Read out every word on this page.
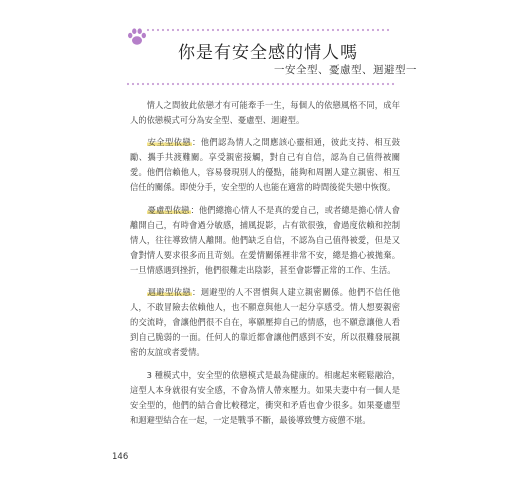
你是有安全感的情人嗎
一安全型、憂慮型、迴避型一

情人之間彼此依戀才有可能牽手一生，每個人的依戀風格不同，成年人的依戀模式可分為安全型、憂慮型、迴避型。

安全型依戀：他們認為情人之間應該心靈相通，彼此支持、相互鼓勵、攜手共渡難關。享受親密接觸，對自己有自信，認為自己值得被關愛。他們信賴他人，容易發現別人的優點，能夠和周圍人建立親密、相互信任的關係。即使分手，安全型的人也能在適當的時間後從失戀中恢復。

憂慮型依戀：他們總擔心情人不是真的愛自己，或者總是擔心情人會離開自己，有時會過分敏感，捕風捉影，占有欲很強，會過度依賴和控制情人，往往導致情人離開。他們缺乏自信，不認為自己值得被愛，但是又會對情人要求很多而且苛刻。在愛情關係裡非常不安，總是擔心被拋棄。一旦情感遇到挫折，他們很難走出陰影，甚至會影響正常的工作、生活。

迴避型依戀：迴避型的人不習慣與人建立親密關係。他們不信任他人，不敢冒險去依賴他人，也不願意與他人一起分享感受。情人想要親密的交流時，會讓他們很不自在，寧願壓抑自己的情感，也不願意讓他人看到自己脆弱的一面。任何人的靠近都會讓他們感到不安，所以很難發展親密的友誼或者愛情。

3 種模式中，安全型的依戀模式是最為健康的。相處起來輕鬆融洽，這型人本身就很有安全感，不會為情人帶來壓力。如果夫妻中有一個人是安全型的，他們的結合會比較穩定，衝突和矛盾也會少很多。如果憂慮型和迴避型結合在一起，一定是戰爭不斷，最後導致雙方疲憊不堪。

146
